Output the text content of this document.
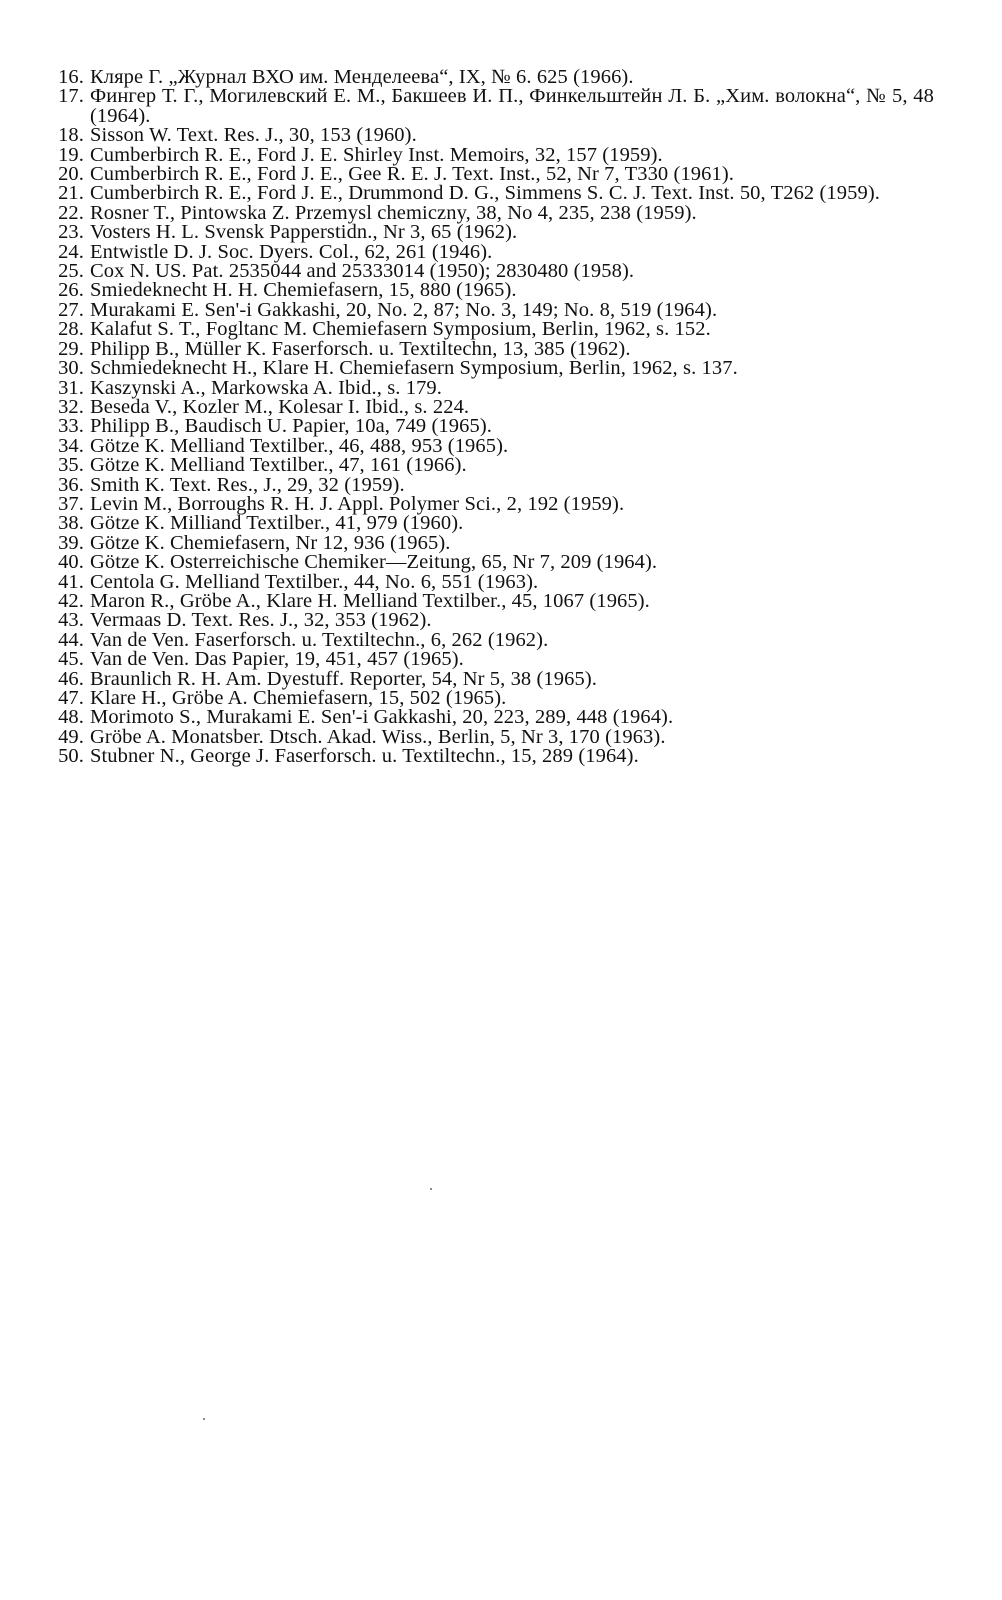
16. Кляре Г. „Журнал ВХО им. Менделеева“, IX, № 6. 625 (1966).
17. Фингер Т. Г., Могилевский Е. М., Бакшеев И. П., Финкельштейн Л. Б. „Хим. волокна“, № 5, 48 (1964).
18. Sisson W. Text. Res. J., 30, 153 (1960).
19. Cumberbirch R. E., Ford J. E. Shirley Inst. Memoirs, 32, 157 (1959).
20. Cumberbirch R. E., Ford J. E., Gee R. E. J. Text. Inst., 52, Nr 7, T330 (1961).
21. Cumberbirch R. E., Ford J. E., Drummond D. G., Simmens S. C. J. Text. Inst. 50, T262 (1959).
22. Rosner T., Pintowska Z. Przemysl chemiczny, 38, No 4, 235, 238 (1959).
23. Vosters H. L. Svensk Papperstidn., Nr 3, 65 (1962).
24. Entwistle D. J. Soc. Dyers. Col., 62, 261 (1946).
25. Cox N. US. Pat. 2535044 and 25333014 (1950); 2830480 (1958).
26. Smiedeknecht H. H. Chemiefasern, 15, 880 (1965).
27. Murakami E. Sen'-i Gakkashi, 20, No. 2, 87; No. 3, 149; No. 8, 519 (1964).
28. Kalafut S. T., Fogltanc M. Chemiefasern Symposium, Berlin, 1962, s. 152.
29. Philipp B., Müller K. Faserforsch. u. Textiltechn, 13, 385 (1962).
30. Schmiedeknecht H., Klare H. Chemiefasern Symposium, Berlin, 1962, s. 137.
31. Kaszynski A., Markowska A. Ibid., s. 179.
32. Beseda V., Kozler M., Kolesar I. Ibid., s. 224.
33. Philipp B., Baudisch U. Papier, 10a, 749 (1965).
34. Götze K. Melliand Textilber., 46, 488, 953 (1965).
35. Götze K. Melliand Textilber., 47, 161 (1966).
36. Smith K. Text. Res., J., 29, 32 (1959).
37. Levin M., Borroughs R. H. J. Appl. Polymer Sci., 2, 192 (1959).
38. Götze K. Milliand Textilber., 41, 979 (1960).
39. Götze K. Chemiefasern, Nr 12, 936 (1965).
40. Götze K. Osterreichische Chemiker—Zeitung, 65, Nr 7, 209 (1964).
41. Centola G. Melliand Textilber., 44, No. 6, 551 (1963).
42. Maron R., Gröbe A., Klare H. Melliand Textilber., 45, 1067 (1965).
43. Vermaas D. Text. Res. J., 32, 353 (1962).
44. Van de Ven. Faserforsch. u. Textiltechn., 6, 262 (1962).
45. Van de Ven. Das Papier, 19, 451, 457 (1965).
46. Braunlich R. H. Am. Dyestuff. Reporter, 54, Nr 5, 38 (1965).
47. Klare H., Gröbe A. Chemiefasern, 15, 502 (1965).
48. Morimoto S., Murakami E. Sen'-i Gakkashi, 20, 223, 289, 448 (1964).
49. Gröbe A. Monatsber. Dtsch. Akad. Wiss., Berlin, 5, Nr 3, 170 (1963).
50. Stubner N., George J. Faserforsch. u. Textiltechn., 15, 289 (1964).
